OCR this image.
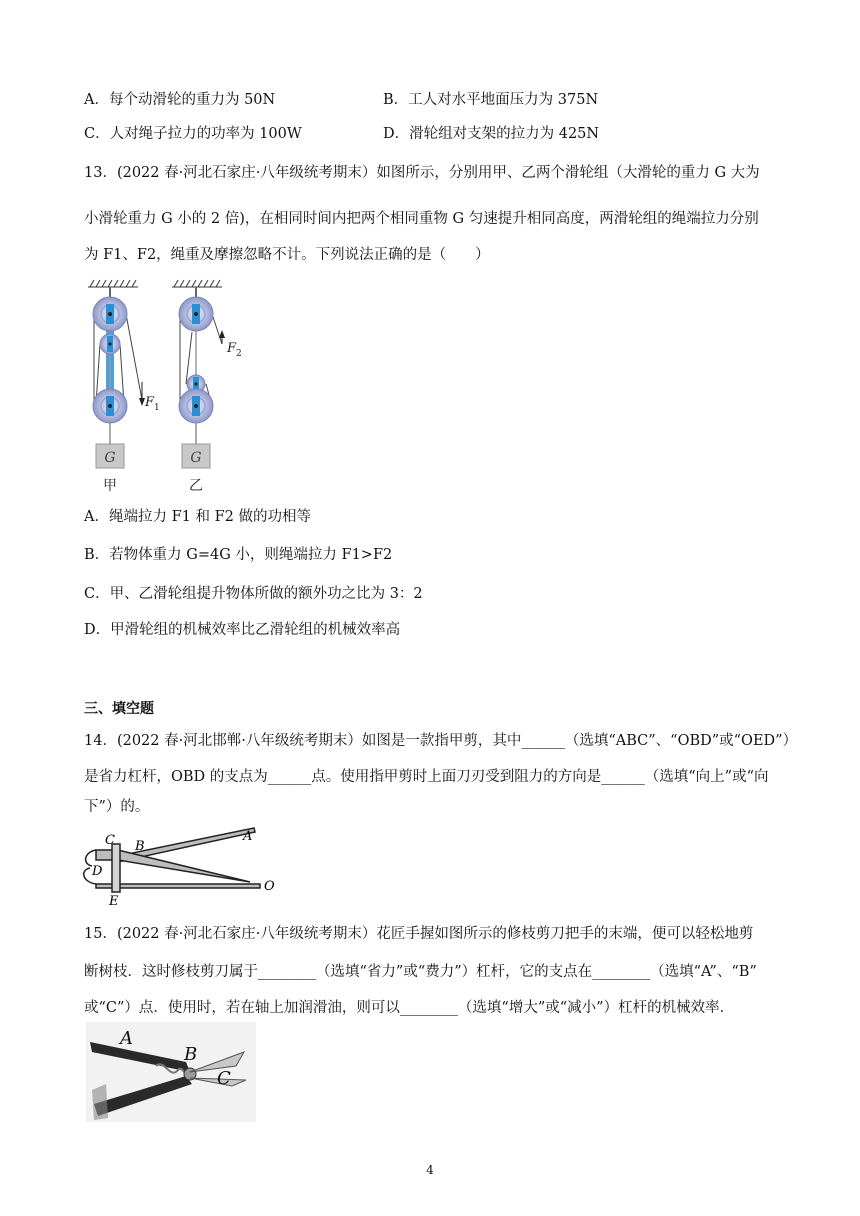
A．每个动滑轮的重力为 50N	B．工人对水平地面压力为 375N
C．人对绳子拉力的功率为 100W	D．滑轮组对支架的拉力为 425N
13．(2022 春·河北石家庄·八年级统考期末）如图所示，分别用甲、乙两个滑轮组（大滑轮的重力 G 大为
小滑轮重力 G 小的 2 倍)，在相同时间内把两个相同重物 G 匀速提升相同高度，两滑轮组的绳端拉力分别
为 F1、F2，绳重及摩擦忽略不计。下列说法正确的是（　　）
G
甲
F 1
G
乙
F 2
A．绳端拉力 F1 和 F2 做的功相等
B．若物体重力 G=4G 小，则绳端拉力 F1>F2
C．甲、乙滑轮组提升物体所做的额外功之比为 3：2
D．甲滑轮组的机械效率比乙滑轮组的机械效率高
三、填空题
14．(2022 春·河北邯郸·八年级统考期末）如图是一款指甲剪，其中______（选填“ABC”、“OBD”或“OED”）
是省力杠杆，OBD 的支点为______点。使用指甲剪时上面刀刃受到阻力的方向是______（选填“向上”或“向
下”）的。
C B
A
D
O
E
15．(2022 春·河北石家庄·八年级统考期末）花匠手握如图所示的修枝剪刀把手的末端，便可以轻松地剪
断树枝．这时修枝剪刀属于________（选填“省力”或“费力”）杠杆，它的支点在________（选填“A”、“B”
或“C”）点．使用时，若在轴上加润滑油，则可以________（选填“增大”或“减小”）杠杆的机械效率．
A
B
C
4
